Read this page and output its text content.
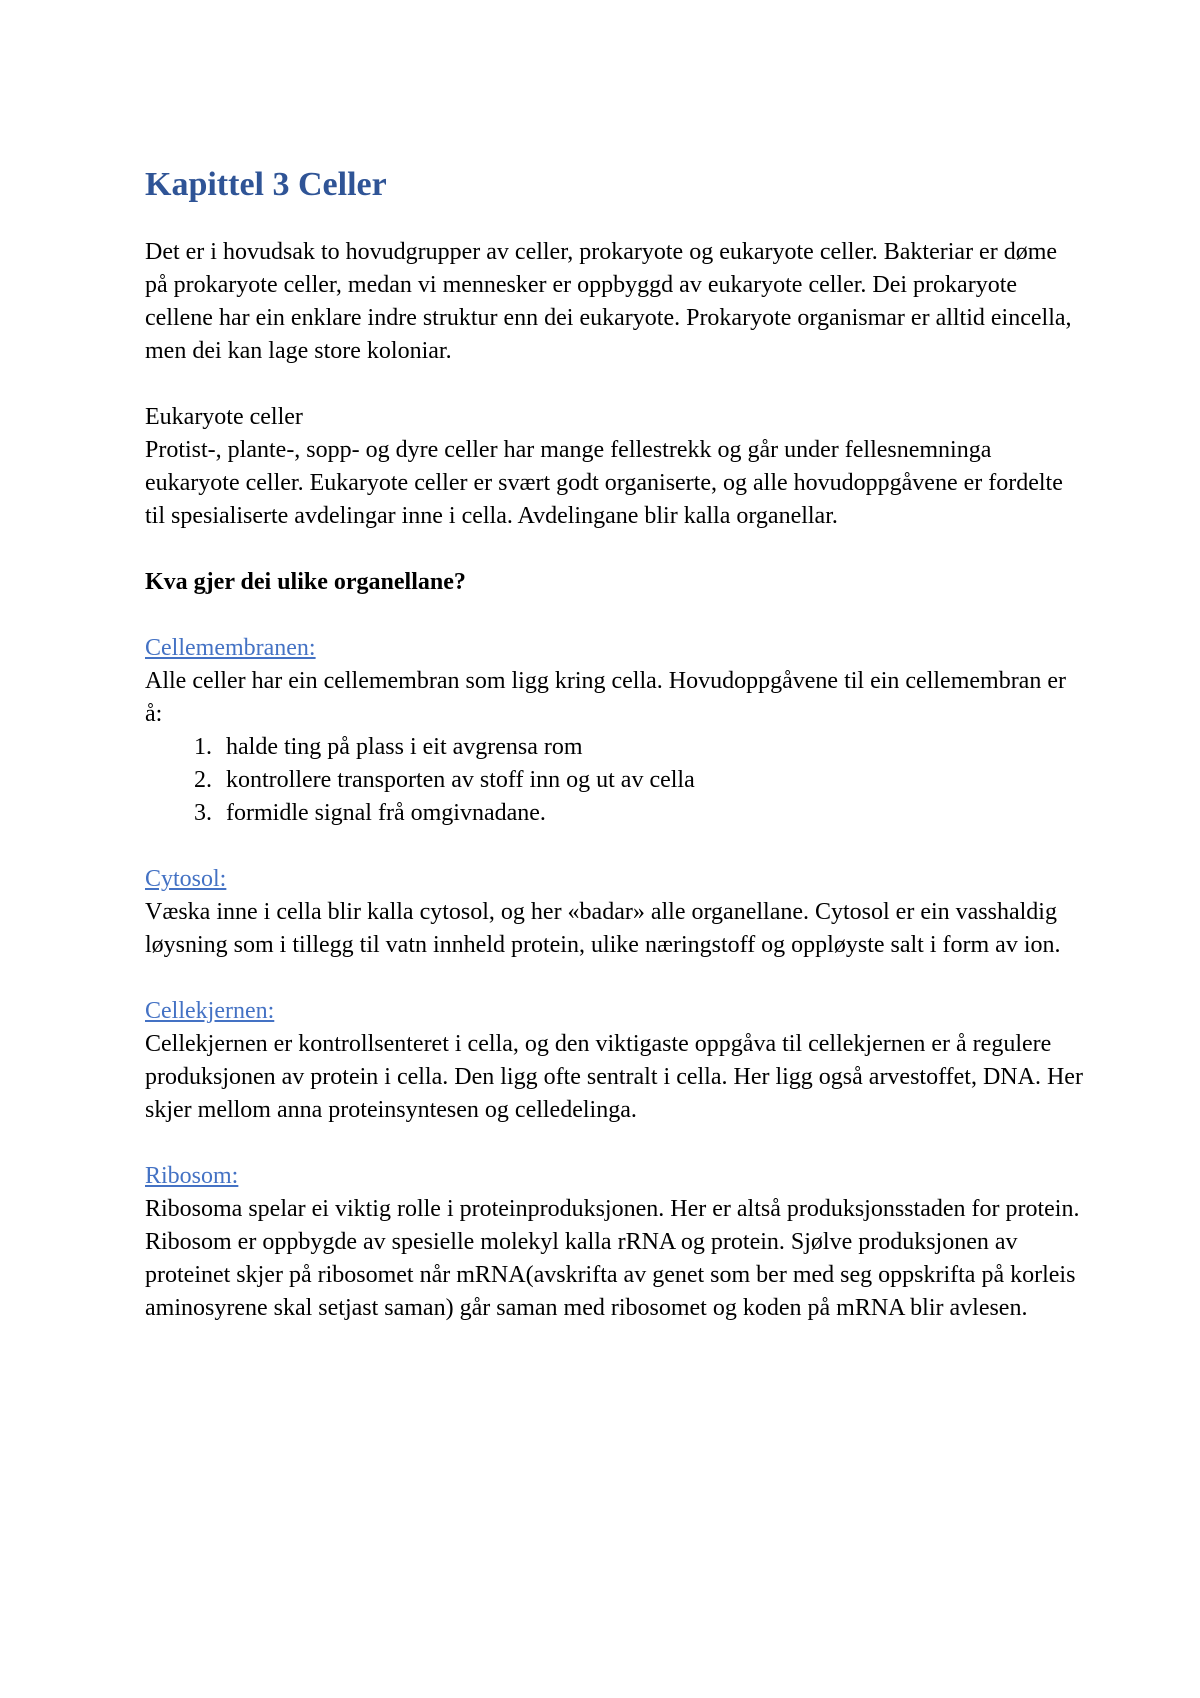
Kapittel 3 Celler

Det er i hovudsak to hovudgrupper av celler, prokaryote og eukaryote celler. Bakteriar er døme på prokaryote celler, medan vi mennesker er oppbyggd av eukaryote celler. Dei prokaryote cellene har ein enklare indre struktur enn dei eukaryote. Prokaryote organismar er alltid eincella, men dei kan lage store koloniar.

Eukaryote celler

Protist-, plante-, sopp- og dyre celler har mange fellestrekk og går under fellesnemninga eukaryote celler. Eukaryote celler er svært godt organiserte, og alle hovudoppgåvene er fordelte til spesialiserte avdelingar inne i cella. Avdelingane blir kalla organellar.

Kva gjer dei ulike organellane?

Cellemembranen:

Alle celler har ein cellemembran som ligg kring cella. Hovudoppgåvene til ein cellemembran er å:

1. halde ting på plass i eit avgrensa rom
2. kontrollere transporten av stoff inn og ut av cella
3. formidle signal frå omgivnadane.

Cytosol:

Væska inne i cella blir kalla cytosol, og her «badar» alle organellane. Cytosol er ein vasshaldig løysning som i tillegg til vatn innheld protein, ulike næringstoff og oppløyste salt i form av ion.

Cellekjernen:

Cellekjernen er kontrollsenteret i cella, og den viktigaste oppgåva til cellekjernen er å regulere produksjonen av protein i cella. Den ligg ofte sentralt i cella. Her ligg også arvestoffet, DNA. Her skjer mellom anna proteinsyntesen og celledelinga.

Ribosom:

Ribosoma spelar ei viktig rolle i proteinproduksjonen. Her er altså produksjonsstaden for protein. Ribosom er oppbygde av spesielle molekyl kalla rRNA og protein. Sjølve produksjonen av proteinet skjer på ribosomet når mRNA(avskrifta av genet som ber med seg oppskrifta på korleis aminosyrene skal setjast saman) går saman med ribosomet og koden på mRNA blir avlesen.
